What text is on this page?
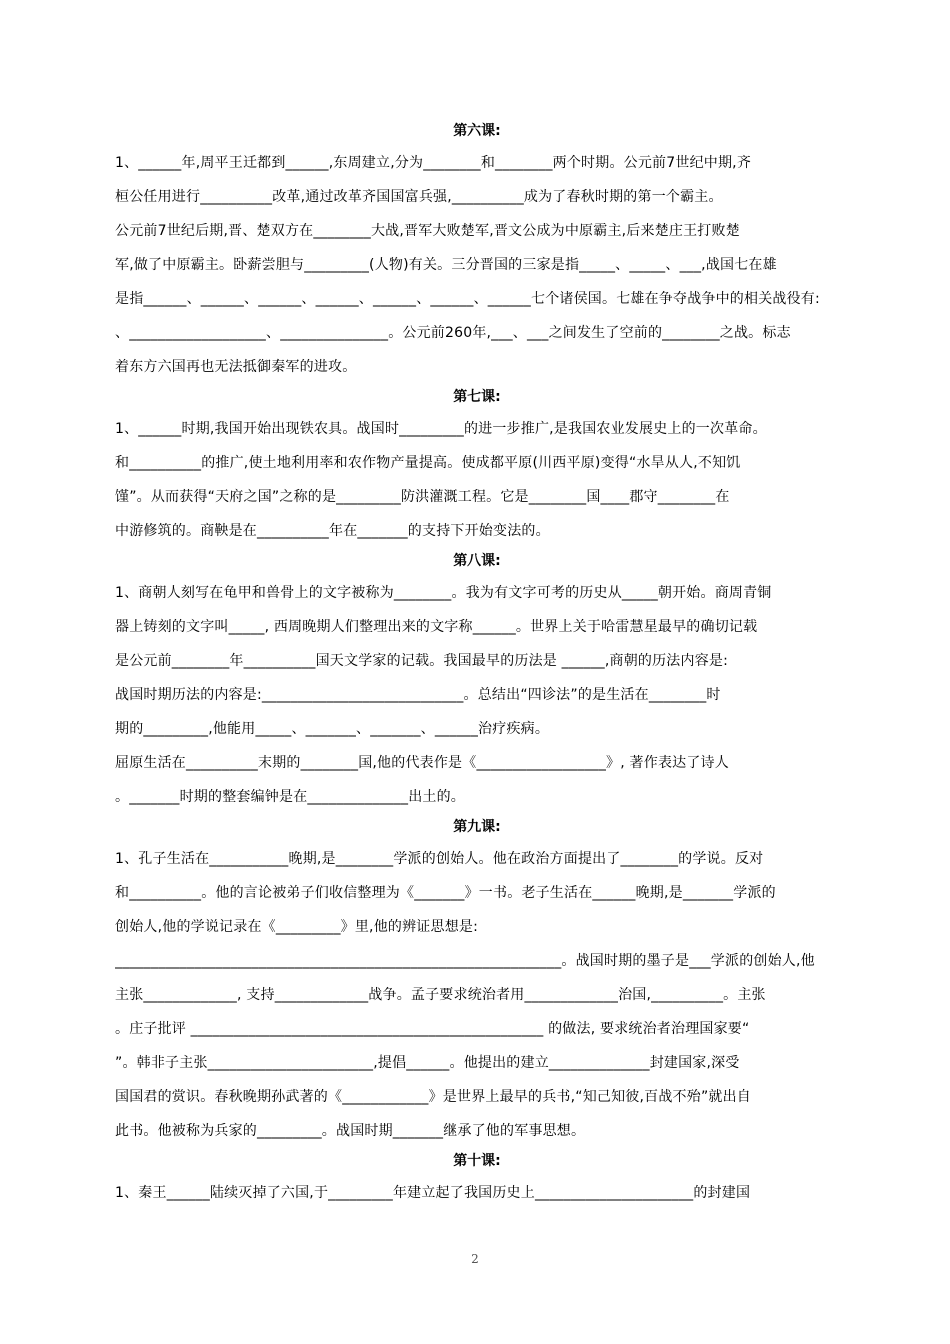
第六课:
1、______年,周平王迁都到______,东周建立,分为________和________两个时期。公元前7世纪中期,齐
桓公任用进行__________改革,通过改革齐国国富兵强,__________成为了春秋时期的第一个霸主。
公元前7世纪后期,晋、楚双方在________大战,晋军大败楚军,晋文公成为中原霸主,后来楚庄王打败楚
军,做了中原霸主。卧薪尝胆与_________(人物)有关。三分晋国的三家是指_____、_____、___,战国七在雄
是指______、______、______、______、______、______、______七个诸侯国。七雄在争夺战争中的相关战役有:
、___________________、_______________。公元前260年,___、___之间发生了空前的________之战。标志
着东方六国再也无法抵御秦军的进攻。
第七课:
1、______时期,我国开始出现铁农具。战国时_________的进一步推广,是我国农业发展史上的一次革命。
和__________的推广,使土地利用率和农作物产量提高。使成都平原(川西平原)变得“水旱从人,不知饥
馑”。从而获得“天府之国”之称的是_________防洪灌溉工程。它是________国____郡守________在
中游修筑的。商鞅是在__________年在_______的支持下开始变法的。
第八课:
1、商朝人刻写在龟甲和兽骨上的文字被称为________。我为有文字可考的历史从_____朝开始。商周青铜
器上铸刻的文字叫_____, 西周晚期人们整理出来的文字称______。世界上关于哈雷慧星最早的确切记载
是公元前________年__________国天文学家的记载。我国最早的历法是 ______,商朝的历法内容是:
战国时期历法的内容是:____________________________。总结出“四诊法”的是生活在________时
期的_________,他能用_____、_______、_______、______治疗疾病。
屈原生活在__________末期的________国,他的代表作是《__________________》, 著作表达了诗人
。_______时期的整套编钟是在______________出土的。
第九课:
1、孔子生活在___________晚期,是________学派的创始人。他在政治方面提出了________的学说。反对
和__________。他的言论被弟子们收信整理为《_______》一书。老子生活在______晚期,是_______学派的
创始人,他的学说记录在《_________》里,他的辨证思想是:
______________________________________________________________。战国时期的墨子是___学派的创始人,他
主张_____________, 支持_____________战争。孟子要求统治者用_____________治国,__________。主张
。庄子批评 _________________________________________________ 的做法, 要求统治者治理国家要“
”。韩非子主张_______________________,提倡______。他提出的建立______________封建国家,深受
国国君的赏识。春秋晚期孙武著的《____________》是世界上最早的兵书,“知己知彼,百战不殆”就出自
此书。他被称为兵家的_________。战国时期_______继承了他的军事思想。
第十课:
1、秦王______陆续灭掉了六国,于_________年建立起了我国历史上______________________的封建国
2
